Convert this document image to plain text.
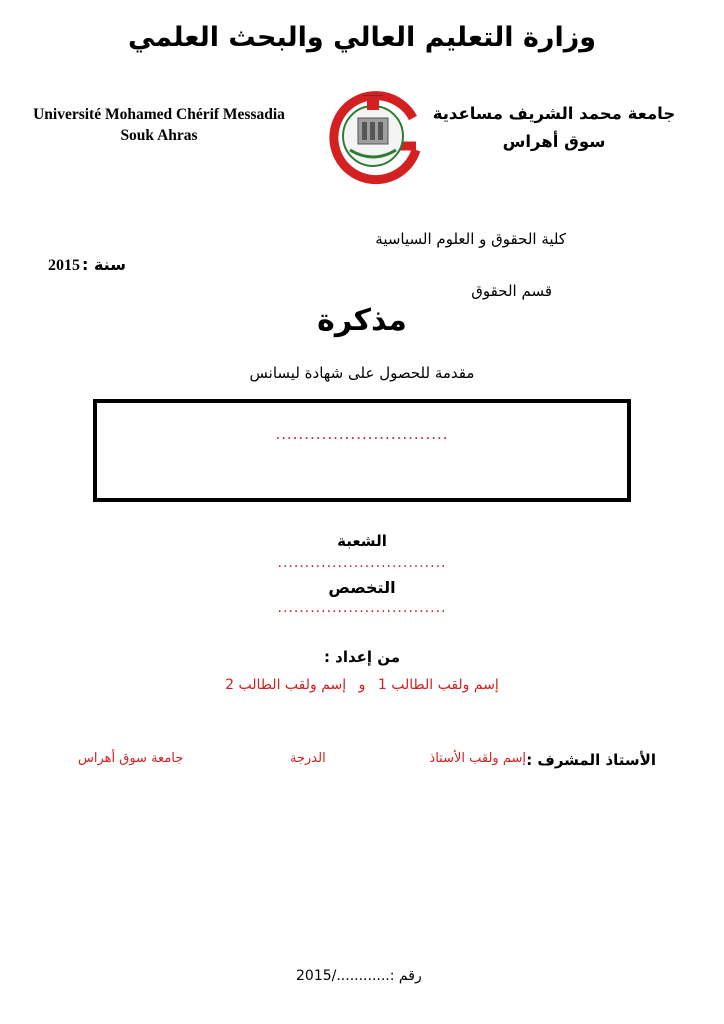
وزارة التعليم العالي والبحث العلمي
Université Mohamed Chérif Messadia
Souk Ahras
ـــــــــــ
جامعة محمد الشريف مساعدية
سوق أهراس
كلية الحقوق و العلوم السياسية
سنة :
2015
قسم الحقوق
مذكرة
مقدمة للحصول على شهادة ليسانس
..............................
الشعبة
...............................
التخصص
...............................
من إعداد :
إسم ولقب الطالب 1 و إسم ولقب الطالب 2
الأستاذ المشرف :
إسم ولقب الأستاذ
الدرجة
جامعة سوق أهراس
رقم :............/2015
